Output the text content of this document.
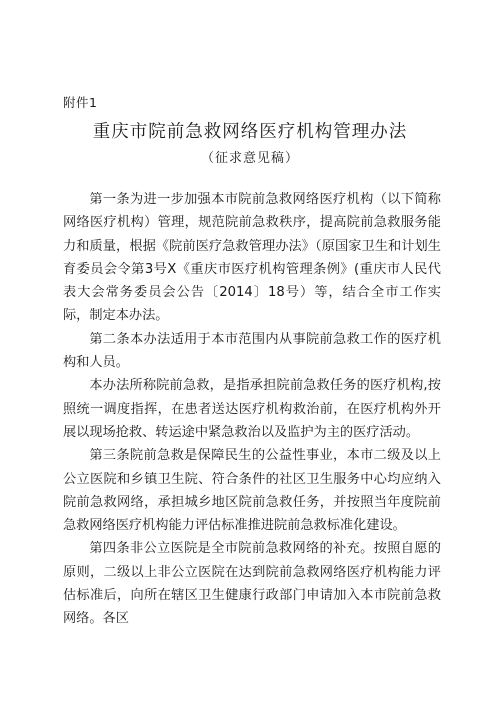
附件1
重庆市院前急救网络医疗机构管理办法
（征求意见稿）

第一条为进一步加强本市院前急救网络医疗机构（以下简称网络医疗机构）管理，规范院前急救秩序，提高院前急救服务能力和质量，根据《院前医疗急救管理办法》（原国家卫生和计划生育委员会令第3号X《重庆市医疗机构管理条例》(重庆市人民代表大会常务委员会公告〔2014〕18号）等，结合全市工作实际，制定本办法。

第二条本办法适用于本市范围内从事院前急救工作的医疗机构和人员。

本办法所称院前急救，是指承担院前急救任务的医疗机构,按照统一调度指挥，在患者送达医疗机构救治前，在医疗机构外开展以现场抢救、转运途中紧急救治以及监护为主的医疗活动。

第三条院前急救是保障民生的公益性事业，本市二级及以上公立医院和乡镇卫生院、符合条件的社区卫生服务中心均应纳入院前急救网络，承担城乡地区院前急救任务，并按照当年度院前急救网络医疗机构能力评估标准推进院前急救标准化建设。

第四条非公立医院是全市院前急救网络的补充。按照自愿的原则，二级以上非公立医院在达到院前急救网络医疗机构能力评估标准后，向所在辖区卫生健康行政部门申请加入本市院前急救网络。各区
